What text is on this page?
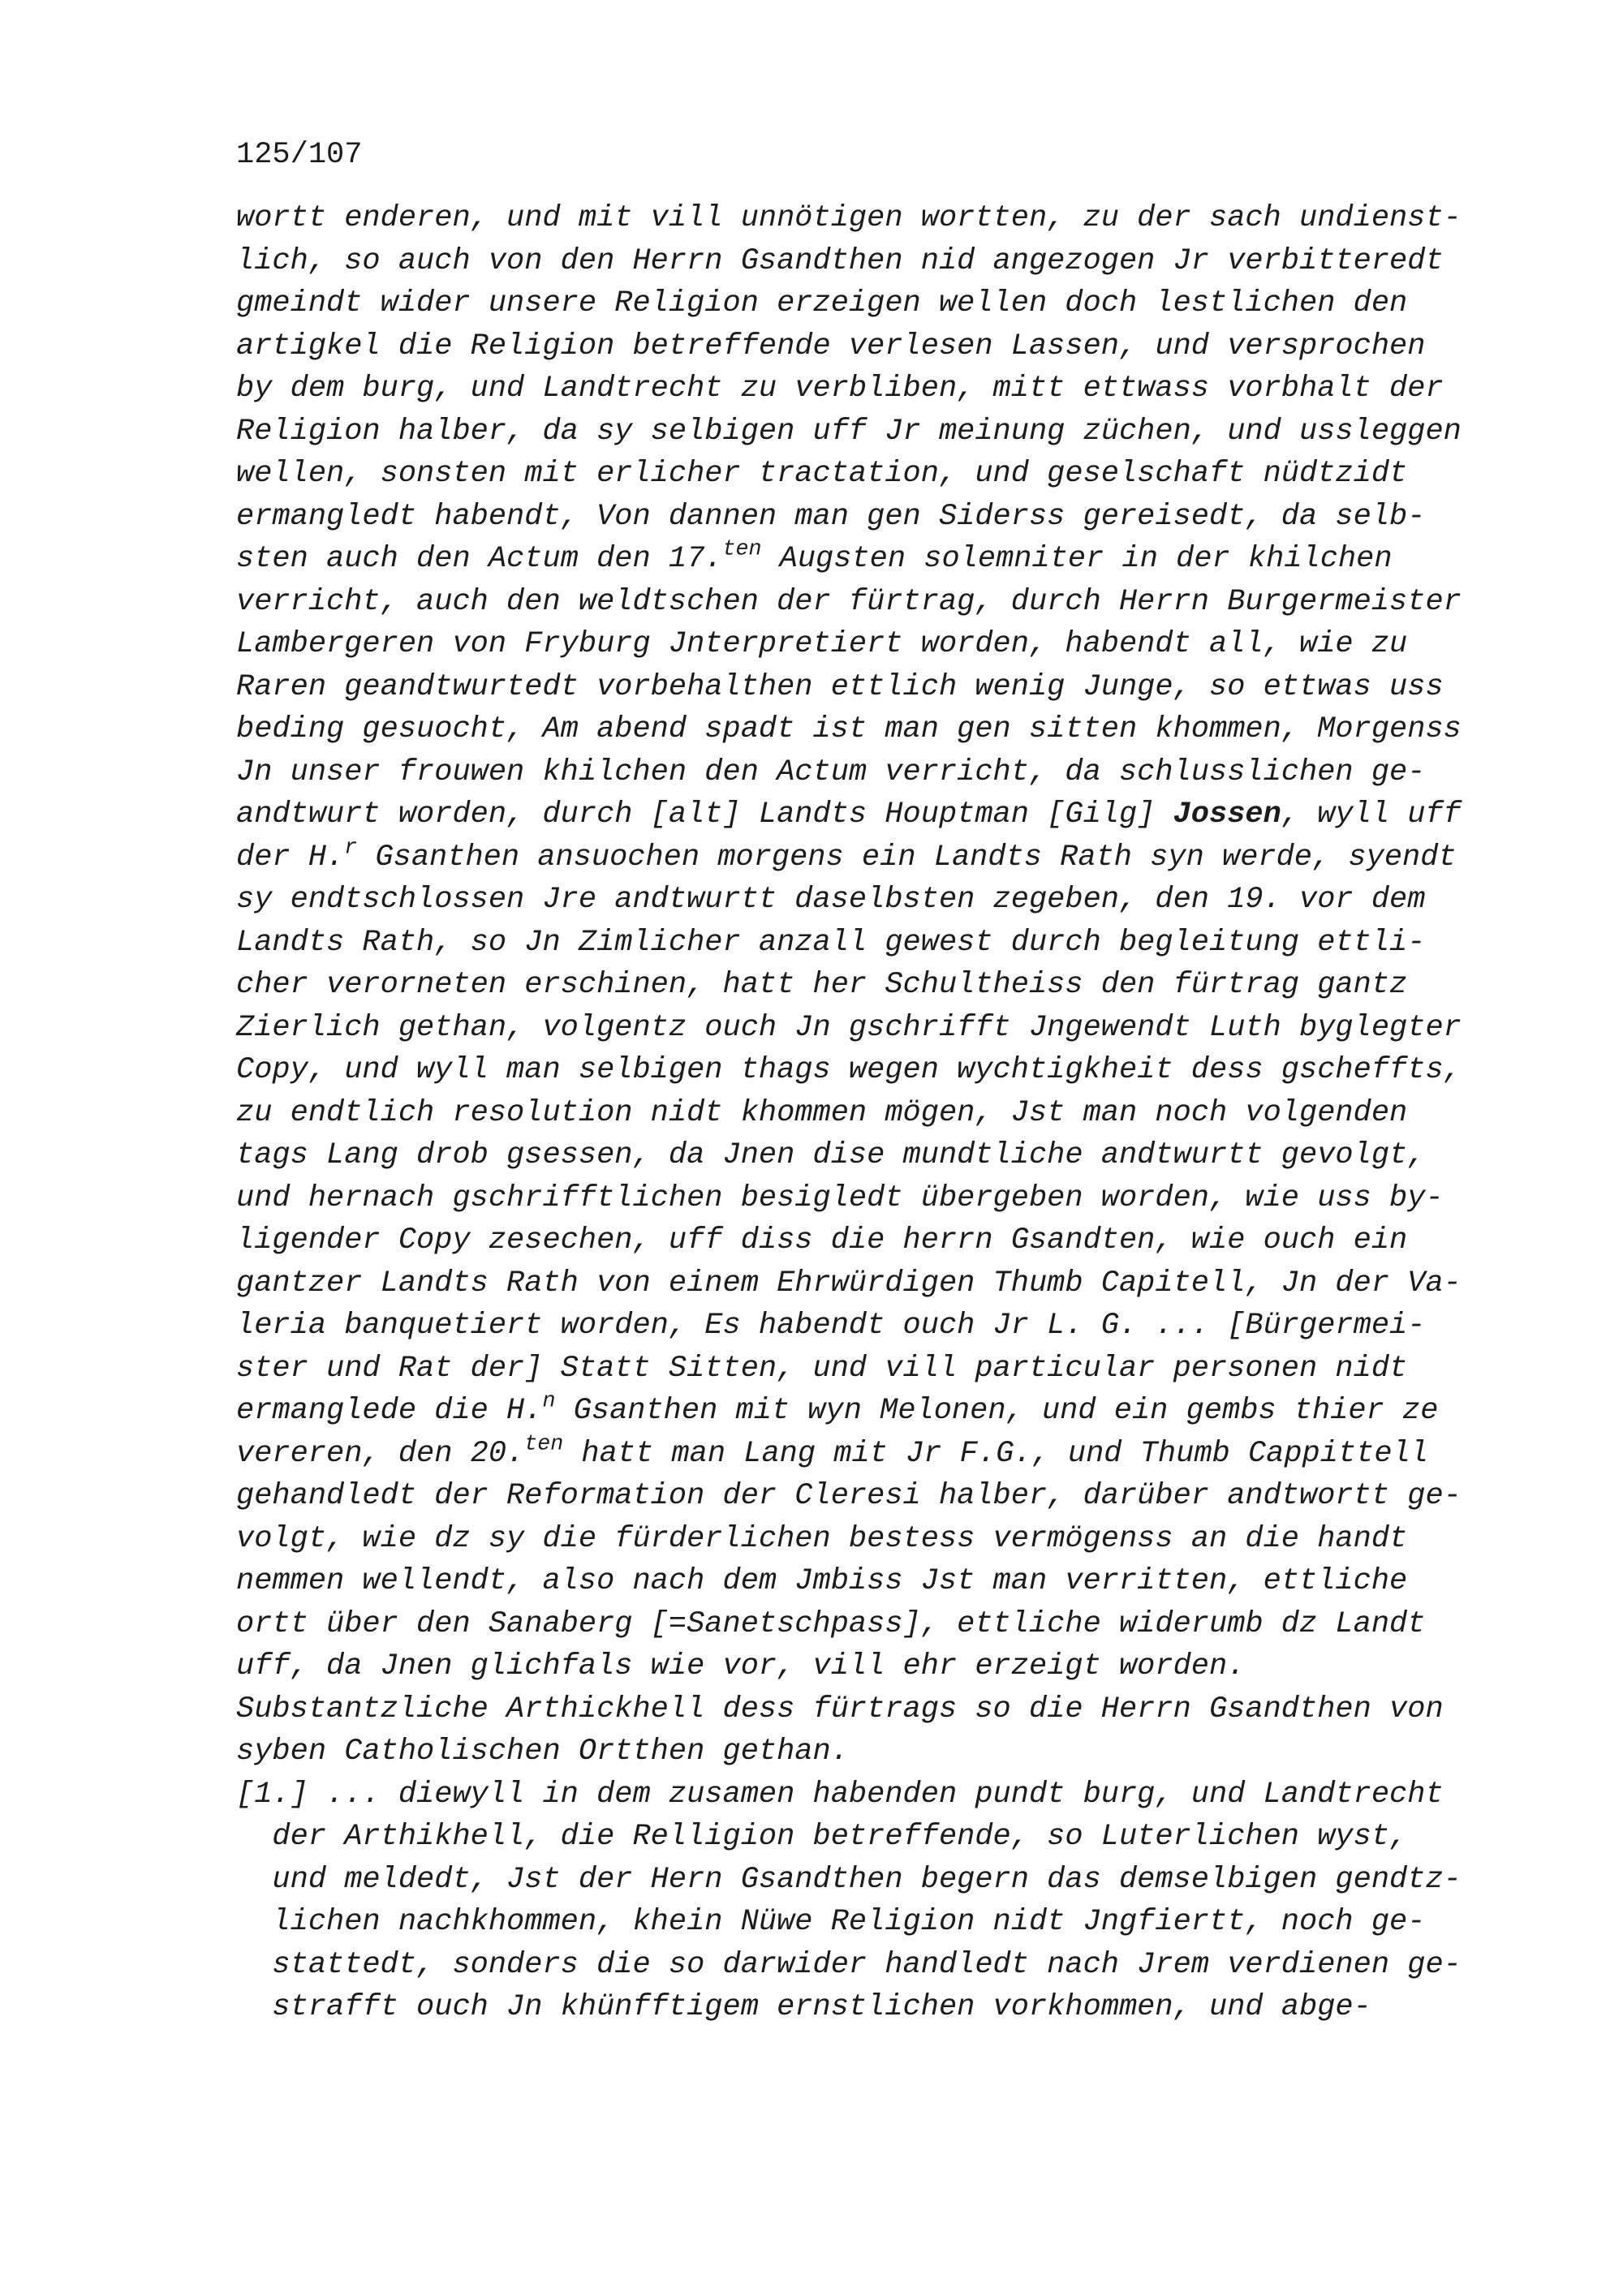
125/107
wortt enderen, und mit vill unnötigen wortten, zu der sach undienst-
lich, so auch von den Herrn Gsandthen nid angezogen Jr verbitteredt
gmeindt wider unsere Religion erzeigen wellen doch lestlichen den
artigkel die Religion betreffende verlesen Lassen, und versprochen
by dem burg, und Landtrecht zu verbliben, mitt ettwass vorbhalt der
Religion halber, da sy selbigen uff Jr meinung züchen, und ussleggen
wellen, sonsten mit erlicher tractation, und geselschaft nüdtzidt
ermangledt habendt, Von dannen man gen Siderss gereisedt, da selb-
sten auch den Actum den 17.$^{ten}$ Augsten solemniter in der khilchen
verricht, auch den weldtschen der fürtrag, durch Herrn Burgermeister
Lambergeren von Fryburg Jnterpretiert worden, habendt all, wie zu
Raren geandtwurtedt vorbehalthen ettlich wenig Junge, so ettwas uss
beding gesuocht, Am abend spadt ist man gen sitten khommen, Morgenss
Jn unser frouwen khilchen den Actum verricht, da schlusslichen ge-
andtwurt worden, durch [alt] Landts Houptman [Gilg] Jossen, wyll uff
der H.$^r$ Gsanthen ansuochen morgens ein Landts Rath syn werde, syendt
sy endtschlossen Jre andtwurtt daselbsten zegeben, den 19. vor dem
Landts Rath, so Jn Zimlicher anzall gewest durch begleitung ettli-
cher verorneten erschinen, hatt her Schultheiss den fürtrag gantz
Zierlich gethan, volgentz ouch Jn gschrifft Jngewendt Luth byglegter
Copy, und wyll man selbigen thags wegen wychtigkheit dess gscheffts,
zu endtlich resolution nidt khommen mögen, Jst man noch volgenden
tags Lang drob gsessen, da Jnen dise mundtliche andtwurtt gevolgt,
und hernach gschrifftlichen besigledt übergeben worden, wie uss by-
ligender Copy zesechen, uff diss die herrn Gsandten, wie ouch ein
gantzer Landts Rath von einem Ehrwürdigen Thumb Capitell, Jn der Va-
leria banquetiert worden, Es habendt ouch Jr L. G. ... [Bürgermei-
ster und Rat der] Statt Sitten, und vill particular personen nidt
ermanglede die H.$^n$ Gsanthen mit wyn Melonen, und ein gembs thier ze
vereren, den 20.$^{ten}$ hatt man Lang mit Jr F.G., und Thumb Cappittell
gehandledt der Reformation der Cleresi halber, darüber andtwortt ge-
volgt, wie dz sy die fürderlichen bestess vermögenss an die handt
nemmen wellendt, also nach dem Jmbiss Jst man verritten, ettliche
ortt über den Sanaberg [=Sanetschpass], ettliche widerumb dz Landt
uff, da Jnen glichfals wie vor, vill ehr erzeigt worden.
Substantzliche Arthickhell dess fürtrags so die Herrn Gsandthen von
syben Catholischen Ortthen gethan.
[1.] ... diewyll in dem zusamen habenden pundt burg, und Landtrecht
der Arthikhell, die Relligion betreffende, so Luterlichen wyst,
und meldedt, Jst der Hern Gsandthen begern das demselbigen gendtz-
lichen nachkhommen, khein Nüwe Religion nidt Jngfiertt, noch ge-
stattedt, sonders die so darwider handledt nach Jrem verdienen ge-
strafft ouch Jn khünfftigem ernstlichen vorkhommen, und abge-
